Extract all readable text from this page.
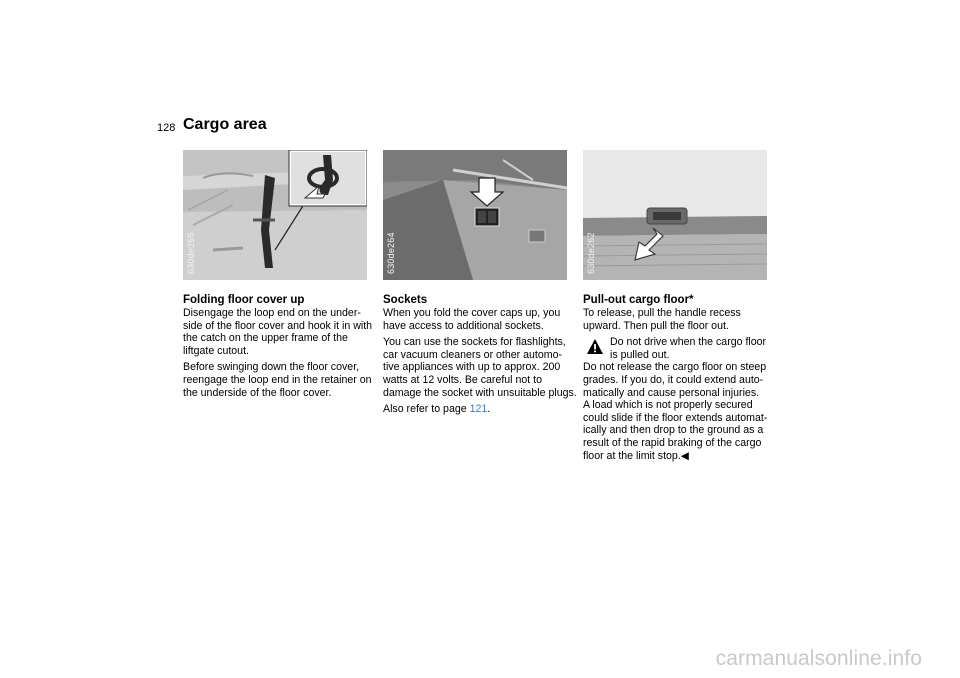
128 Cargo area
630de265	630de264	630de262
Folding floor cover up

Disengage the loop end on the under-side of the floor cover and hook it in with the catch on the upper frame of the liftgate cutout.

Before swinging down the floor cover, reengage the loop end in the retainer on the underside of the floor cover.

Sockets

When you fold the cover caps up, you have access to additional sockets.

You can use the sockets for flashlights, car vacuum cleaners or other automo-tive appliances with up to approx. 200 watts at 12 volts. Be careful not to damage the socket with unsuitable plugs.

Also refer to page 121.

Pull-out cargo floor*

To release, pull the handle recess upward. Then pull the floor out.

Do not drive when the cargo floor is pulled out.
Do not release the cargo floor on steep grades. If you do, it could extend auto-matically and cause personal injuries.
A load which is not properly secured could slide if the floor extends automat-ically and then drop to the ground as a result of the rapid braking of the cargo floor at the limit stop.◀
carmanualsonline.info
